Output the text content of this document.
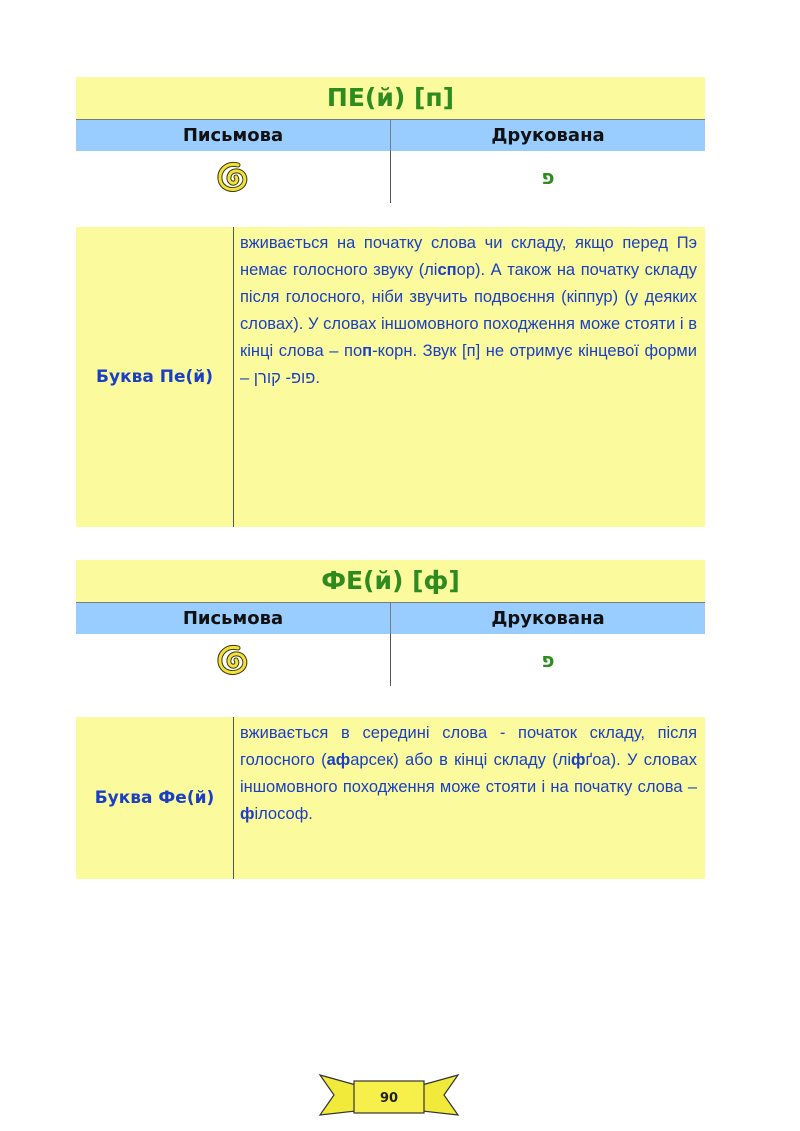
ПЕ(й) [п]
Письмова	Друкована
פ
Буква Пе(й)
вживається на початку слова чи складу, якщо перед Пэ немає голосного звуку (ліспор). А також на початку складу після голосного, ніби звучить подвоєння (кіппур) (у деяких словах). У словах іншомовного походження може стояти і в кінці слова – поп-корн. Звук [п] не отримує кінцевої форми – פופ- קורן.
ФЕ(й) [ф]
Письмова	Друкована
פ
Буква Фе(й)
вживається в середині слова - початок складу, після голосного (афарсек) або в кінці складу (ліфґоа). У словах іншомовного походження може стояти і на початку слова – філософ.
90
